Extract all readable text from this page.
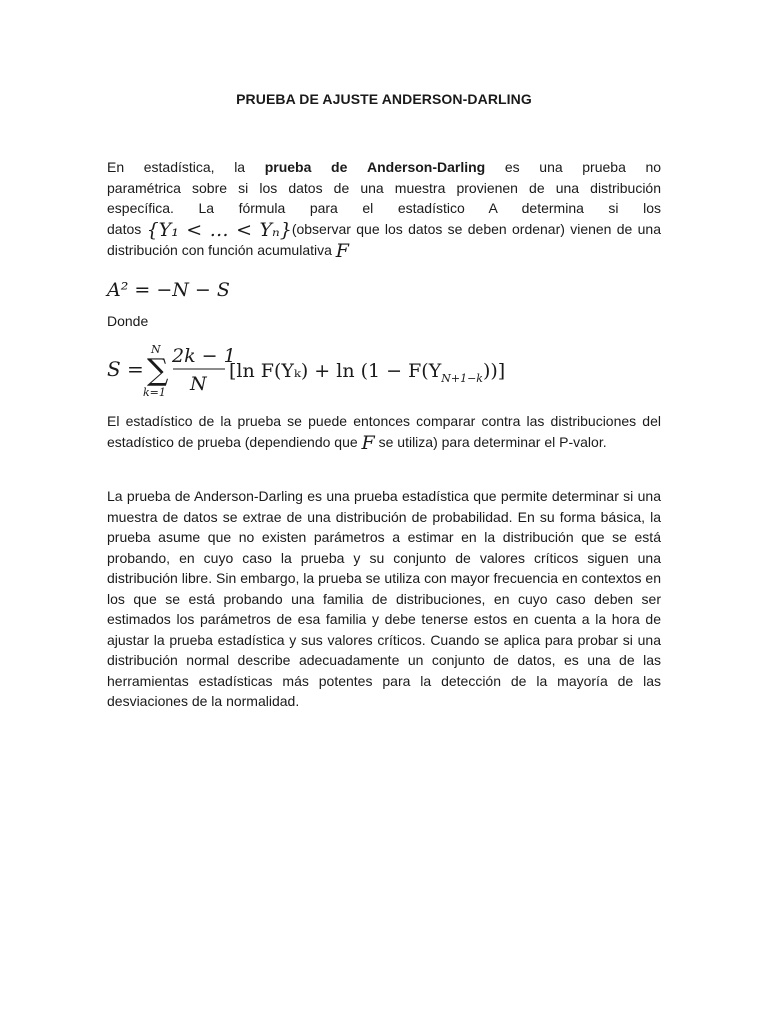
PRUEBA DE AJUSTE ANDERSON-DARLING
En estadística, la prueba de Anderson-Darling es una prueba no
paramétrica sobre si los datos de una muestra provienen de una distribución
específica. La fórmula para el estadístico A determina si los
datos {Y₁ < … < Yₙ}(observar que los datos se deben ordenar) vienen de una
distribución con función acumulativa F
A² = −N − S
Donde
S = ∑
N
k=1
2k − 1
N
[ln $F(Y_k) + \ln (1 - F(Y_{N+1-k}))$]
El estadístico de la prueba se puede entonces comparar contra las distribuciones del estadístico de prueba (dependiendo que F se utiliza) para determinar el P-valor.
La prueba de Anderson-Darling es una prueba estadística que permite determinar si una muestra de datos se extrae de una distribución de probabilidad. En su forma básica, la prueba asume que no existen parámetros a estimar en la distribución que se está probando, en cuyo caso la prueba y su conjunto de valores críticos siguen una distribución libre. Sin embargo, la prueba se utiliza con mayor frecuencia en contextos en los que se está probando una familia de distribuciones, en cuyo caso deben ser estimados los parámetros de esa familia y debe tenerse estos en cuenta a la hora de ajustar la prueba estadística y sus valores críticos. Cuando se aplica para probar si una distribución normal describe adecuadamente un conjunto de datos, es una de las herramientas estadísticas más potentes para la detección de la mayoría de las desviaciones de la normalidad.
